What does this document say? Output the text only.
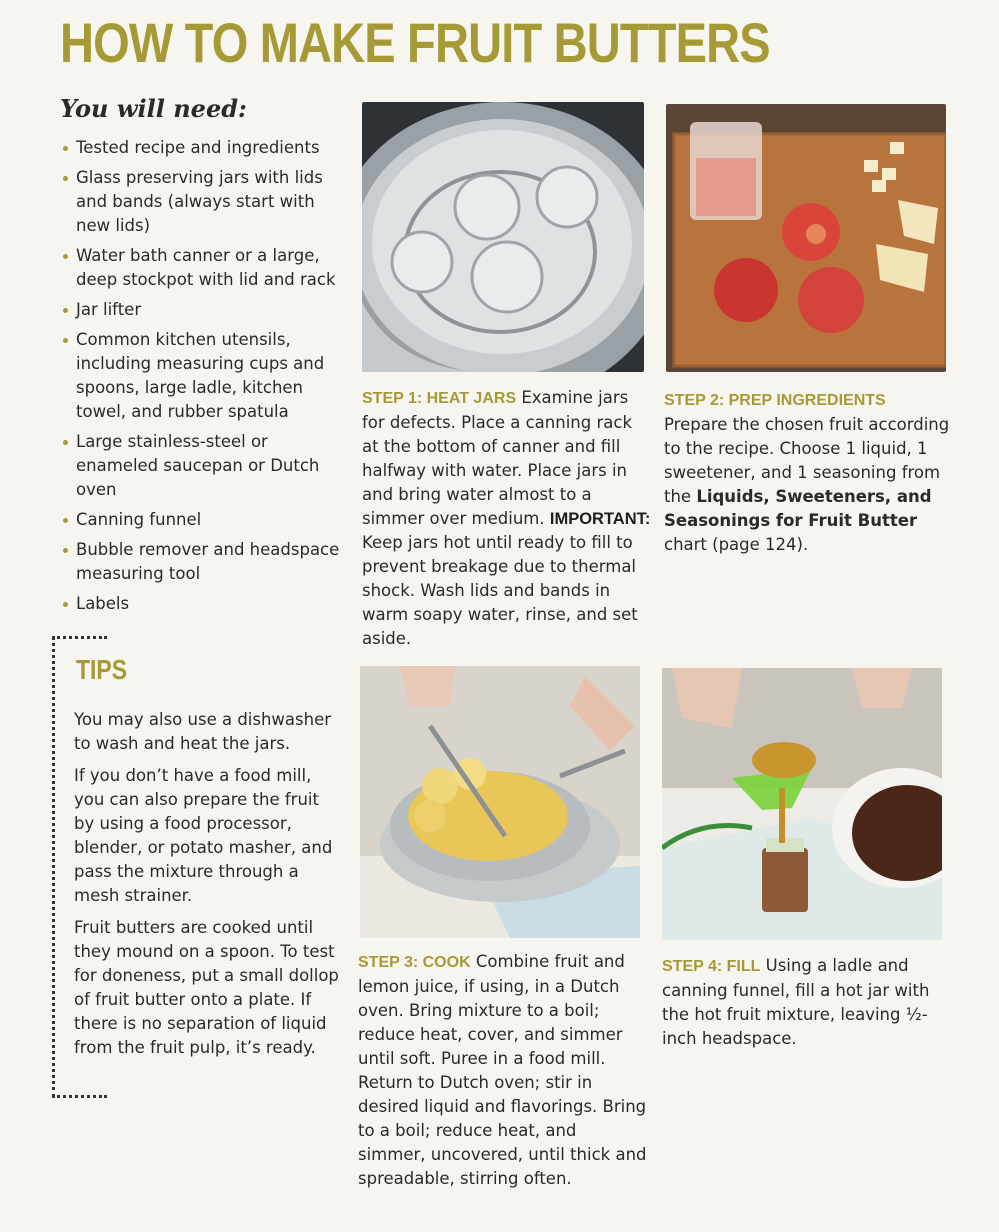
HOW TO MAKE FRUIT BUTTERS
You will need:
Tested recipe and ingredients
Glass preserving jars with lids and bands (always start with new lids)
Water bath canner or a large, deep stockpot with lid and rack
Jar lifter
Common kitchen utensils, including measuring cups and spoons, large ladle, kitchen towel, and rubber spatula
Large stainless-steel or enameled saucepan or Dutch oven
Canning funnel
Bubble remover and headspace measuring tool
Labels
TIPS

You may also use a dishwasher to wash and heat the jars.

If you don’t have a food mill, you can also prepare the fruit by using a food processor, blender, or potato masher, and pass the mixture through a mesh strainer.

Fruit butters are cooked until they mound on a spoon. To test for doneness, put a small dollop of fruit butter onto a plate. If there is no separation of liquid from the fruit pulp, it’s ready.

STEP 1: HEAT JARS Examine jars for defects. Place a canning rack at the bottom of canner and fill halfway with water. Place jars in and bring water almost to a simmer over medium. IMPORTANT: Keep jars hot until ready to fill to prevent breakage due to thermal shock. Wash lids and bands in warm soapy water, rinse, and set aside.
STEP 2: PREP INGREDIENTS Prepare the chosen fruit according to the recipe. Choose 1 liquid, 1 sweetener, and 1 seasoning from the Liquids, Sweeteners, and Seasonings for Fruit Butter chart (page 124).
STEP 3: COOK Combine fruit and lemon juice, if using, in a Dutch oven. Bring mixture to a boil; reduce heat, cover, and simmer until soft. Puree in a food mill. Return to Dutch oven; stir in desired liquid and flavorings. Bring to a boil; reduce heat, and simmer, uncovered, until thick and spreadable, stirring often.
STEP 4: FILL Using a ladle and canning funnel, fill a hot jar with the hot fruit mixture, leaving ½-inch headspace.
